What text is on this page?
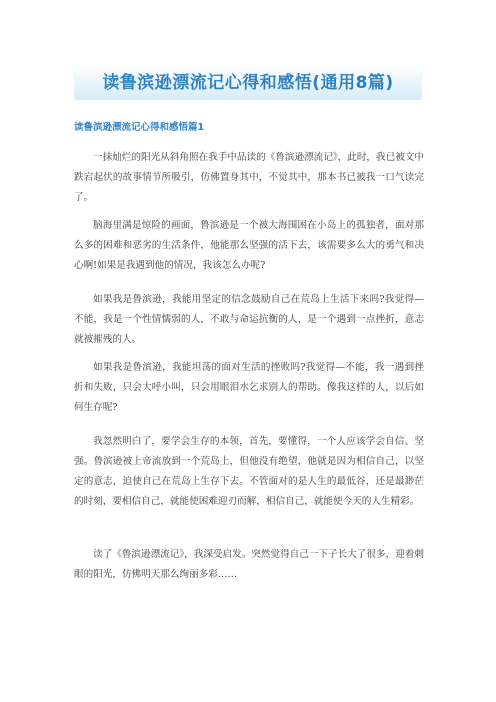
读鲁滨逊漂流记心得和感悟(通用8篇)
读鲁滨逊漂流记心得和感悟篇1

一抹灿烂的阳光从斜角照在我手中品读的《鲁滨逊漂流记》，此时，我已被文中跌宕起伏的故事情节所吸引，仿佛置身其中，不觉其中，那本书已被我一口气读完了。

脑海里满是惊险的画面，鲁滨逊是一个被大海围困在小岛上的孤独者，面对那么多的困难和恶劣的生活条件，他能那么坚强的活下去，该需要多么大的勇气和决心啊!如果是我遇到他的情况，我该怎么办呢?

如果我是鲁滨逊，我能用坚定的信念鼓励自己在荒岛上生活下来吗?我觉得—不能，我是一个性情懦弱的人，不敢与命运抗衡的人，是一个遇到一点挫折，意志就被摧残的人。

如果我是鲁滨逊，我能坦荡的面对生活的挫败吗?我觉得—不能，我一遇到挫折和失败，只会大呼小叫，只会用眼泪水乞求别人的帮助。像我这样的人，以后如何生存呢?

我忽然明白了，要学会生存的本领，首先，要懂得，一个人应该学会自信、坚强。鲁滨逊被上帝流放到一个荒岛上，但他没有绝望，他就是因为相信自己，以坚定的意志，迫使自己在荒岛上生存下去。不管面对的是人生的最低谷，还是最渺茫的时刻，要相信自己，就能使困难迎刃而解，相信自己，就能使今天的人生精彩。

读了《鲁滨逊漂流记》，我深受启发。突然觉得自己一下子长大了很多，迎着刺眼的阳光，仿佛明天那么绚丽多彩……
